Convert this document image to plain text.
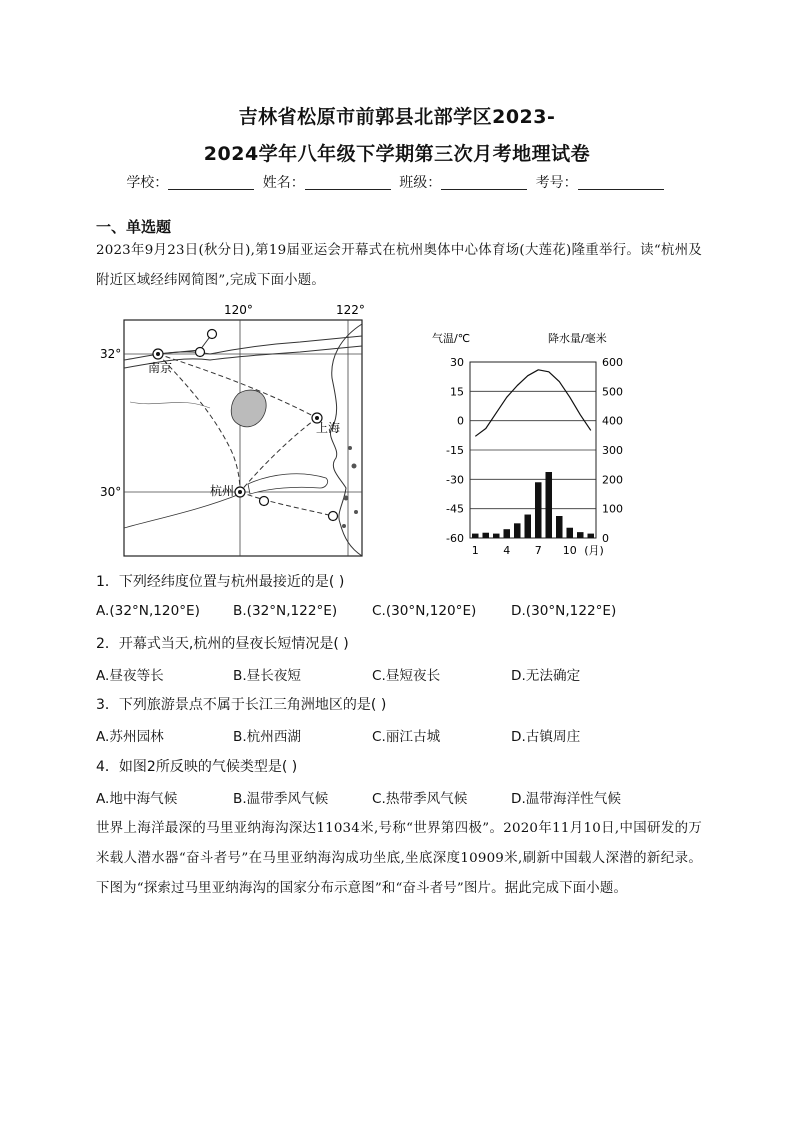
吉林省松原市前郭县北部学区2023-
2024学年八年级下学期第三次月考地理试卷
学校：	姓名：	班级：	考号：
一、单选题
2023年9月23日(秋分日),第19届亚运会开幕式在杭州奥体中心体育场(大莲花)隆重举行。读“杭州及附近区域经纬网简图”,完成下面小题。
120°	122°
32°
30°
南京
上海
杭州
气温/℃	降水量/毫米
30
15
0
-15
-30
-45
-60
600
500
400
300
200
100
0
1 4 7 10 (月)
1．下列经纬度位置与杭州最接近的是( )
A.(32°N,120°E) B.(32°N,122°E)	C.(30°N,120°E)	D.(30°N,122°E)
2．开幕式当天,杭州的昼夜长短情况是( )
A.昼夜等长	B.昼长夜短	C.昼短夜长	D.无法确定
3．下列旅游景点不属于长江三角洲地区的是( )
A.苏州园林	B.杭州西湖	C.丽江古城	D.古镇周庄
4．如图2所反映的气候类型是( )
A.地中海气候	B.温带季风气候	C.热带季风气候	D.温带海洋性气候
世界上海洋最深的马里亚纳海沟深达11034米,号称“世界第四极”。2020年11月10日,中国研发的万米载人潜水器“奋斗者号”在马里亚纳海沟成功坐底,坐底深度10909米,刷新中国载人深潜的新纪录。下图为“探索过马里亚纳海沟的国家分布示意图”和“奋斗者号”图片。据此完成下面小题。
